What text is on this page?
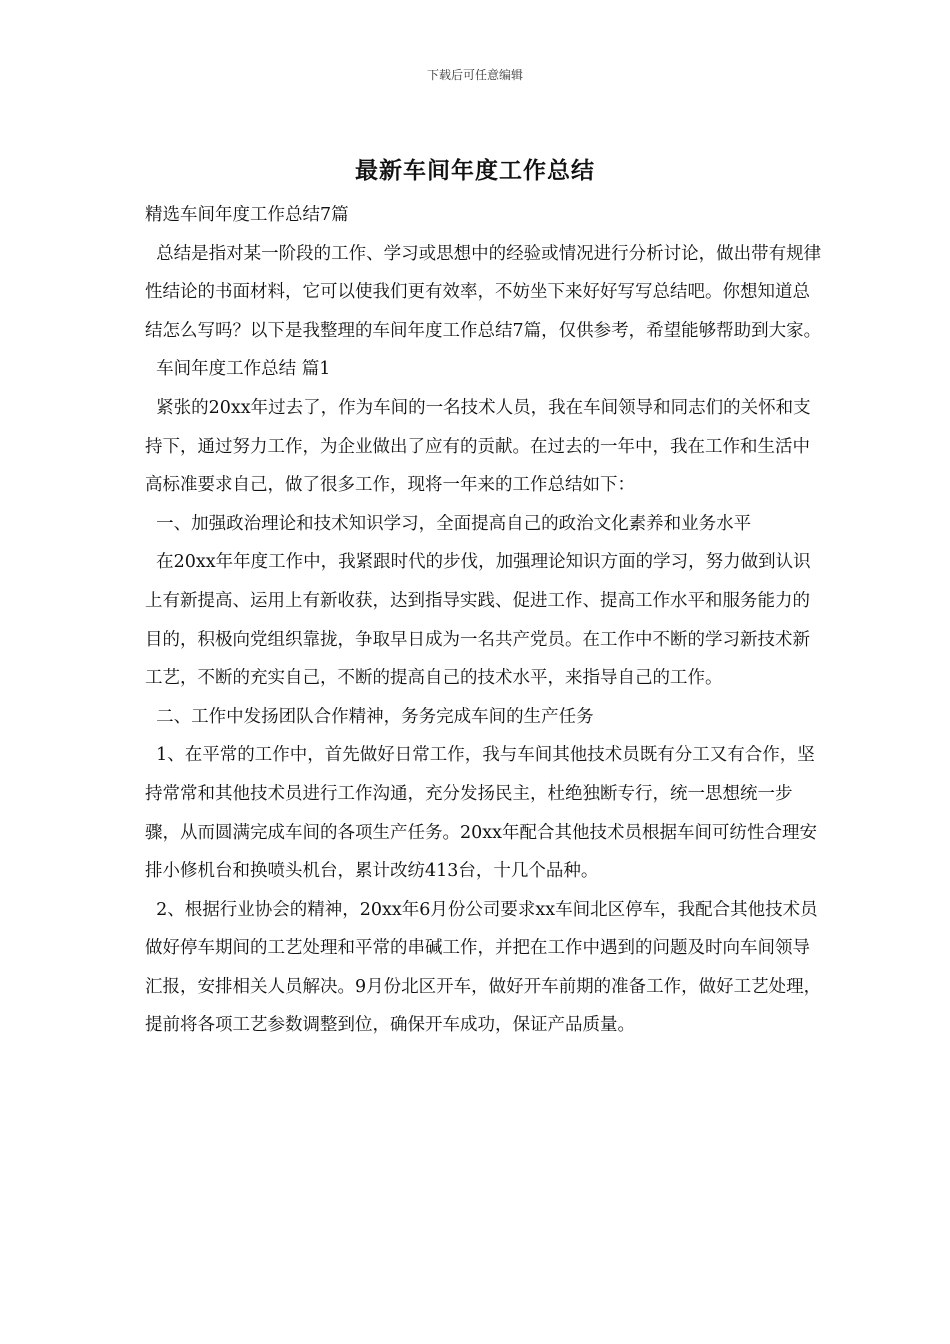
下载后可任意编辑
最新车间年度工作总结

精选车间年度工作总结7篇

总结是指对某一阶段的工作、学习或思想中的经验或情况进行分析讨论，做出带有规律性结论的书面材料，它可以使我们更有效率，不妨坐下来好好写写总结吧。你想知道总结怎么写吗？以下是我整理的车间年度工作总结7篇，仅供参考，希望能够帮助到大家。

车间年度工作总结 篇1

紧张的20xx年过去了，作为车间的一名技术人员，我在车间领导和同志们的关怀和支持下，通过努力工作，为企业做出了应有的贡献。在过去的一年中，我在工作和生活中高标准要求自己，做了很多工作，现将一年来的工作总结如下：

一、加强政治理论和技术知识学习，全面提高自己的政治文化素养和业务水平

在20xx年年度工作中，我紧跟时代的步伐，加强理论知识方面的学习，努力做到认识上有新提高、运用上有新收获，达到指导实践、促进工作、提高工作水平和服务能力的目的，积极向党组织靠拢，争取早日成为一名共产党员。在工作中不断的学习新技术新工艺，不断的充实自己，不断的提高自己的技术水平，来指导自己的工作。

二、工作中发扬团队合作精神，务务完成车间的生产任务

1、在平常的工作中，首先做好日常工作，我与车间其他技术员既有分工又有合作，坚持常常和其他技术员进行工作沟通，充分发扬民主，杜绝独断专行，统一思想统一步骤，从而圆满完成车间的各项生产任务。20xx年配合其他技术员根据车间可纺性合理安排小修机台和换喷头机台，累计改纺413台，十几个品种。

2、根据行业协会的精神，20xx年6月份公司要求xx车间北区停车，我配合其他技术员做好停车期间的工艺处理和平常的串碱工作，并把在工作中遇到的问题及时向车间领导汇报，安排相关人员解决。9月份北区开车，做好开车前期的准备工作，做好工艺处理，提前将各项工艺参数调整到位，确保开车成功，保证产品质量。
